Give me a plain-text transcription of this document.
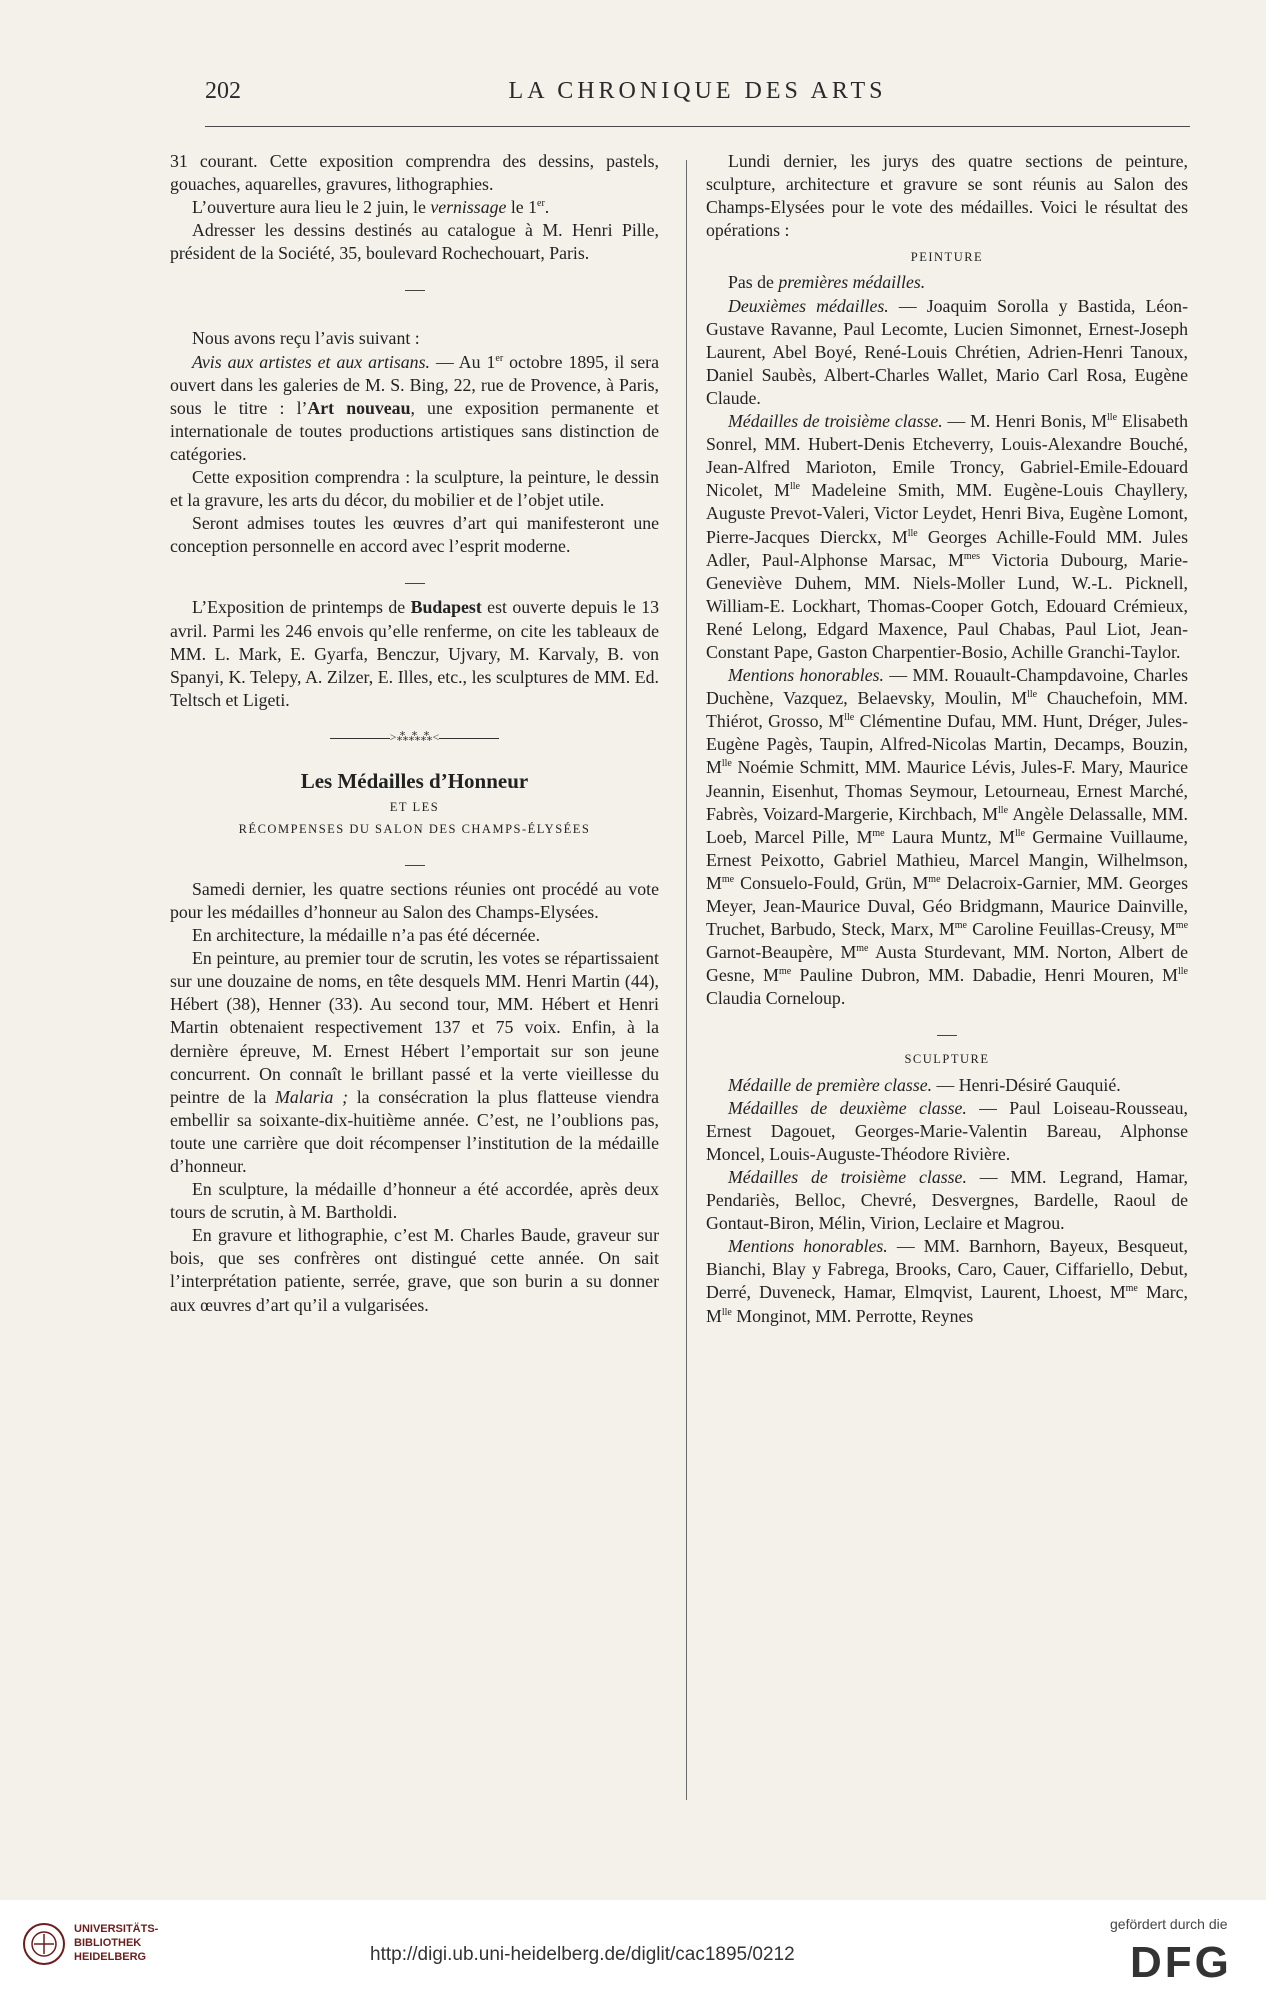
202	LA CHRONIQUE DES ARTS

31 courant. Cette exposition comprendra des dessins, pastels, gouaches, aquarelles, gravures, lithographies.

L’ouverture aura lieu le 2 juin, le vernissage le 1er.

Adresser les dessins destinés au catalogue à M. Henri Pille, président de la Société, 35, boulevard Rochechouart, Paris.

Nous avons reçu l’avis suivant :

Avis aux artistes et aux artisans. — Au 1er octobre 1895, il sera ouvert dans les galeries de M. S. Bing, 22, rue de Provence, à Paris, sous le titre : l’Art nouveau, une exposition permanente et internationale de toutes productions artistiques sans distinction de catégories.

Cette exposition comprendra : la sculpture, la peinture, le dessin et la gravure, les arts du décor, du mobilier et de l’objet utile.

Seront admises toutes les œuvres d’art qui manifesteront une conception personnelle en accord avec l’esprit moderne.

L’Exposition de printemps de Budapest est ouverte depuis le 13 avril. Parmi les 246 envois qu’elle renferme, on cite les tableaux de MM. L. Mark, E. Gyarfa, Benczur, Ujvary, M. Karvaly, B. von Spanyi, K. Telepy, A. Zilzer, E. Illes, etc., les sculptures de MM. Ed. Teltsch et Ligeti.

>⁂⁂⁂<
Les Médailles d’Honneur
ET LES
RÉCOMPENSES DU SALON DES CHAMPS-ÉLYSÉES

Samedi dernier, les quatre sections réunies ont procédé au vote pour les médailles d’honneur au Salon des Champs-Elysées.

En architecture, la médaille n’a pas été décernée.

En peinture, au premier tour de scrutin, les votes se répartissaient sur une douzaine de noms, en tête desquels MM. Henri Martin (44), Hébert (38), Henner (33). Au second tour, MM. Hébert et Henri Martin obtenaient respectivement 137 et 75 voix. Enfin, à la dernière épreuve, M. Ernest Hébert l’emportait sur son jeune concurrent. On connaît le brillant passé et la verte vieillesse du peintre de la Malaria ; la consécration la plus flatteuse viendra embellir sa soixante-dix-huitième année. C’est, ne l’oublions pas, toute une carrière que doit récompenser l’institution de la médaille d’honneur.

En sculpture, la médaille d’honneur a été accordée, après deux tours de scrutin, à M. Bartholdi.

En gravure et lithographie, c’est M. Charles Baude, graveur sur bois, que ses confrères ont distingué cette année. On sait l’interprétation patiente, serrée, grave, que son burin a su donner aux œuvres d’art qu’il a vulgarisées.

Lundi dernier, les jurys des quatre sections de peinture, sculpture, architecture et gravure se sont réunis au Salon des Champs-Elysées pour le vote des médailles. Voici le résultat des opérations :

PEINTURE

Pas de premières médailles.

Deuxièmes médailles. — Joaquim Sorolla y Bastida, Léon-Gustave Ravanne, Paul Lecomte, Lucien Simonnet, Ernest-Joseph Laurent, Abel Boyé, René-Louis Chrétien, Adrien-Henri Tanoux, Daniel Saubès, Albert-Charles Wallet, Mario Carl Rosa, Eugène Claude.

Médailles de troisième classe. — M. Henri Bonis, $M^{lle}$ Elisabeth Sonrel, MM. Hubert-Denis Etcheverry, Louis-Alexandre Bouché, Jean-Alfred Marioton, Emile Troncy, Gabriel-Emile-Edouard Nicolet, $M^{lle}$ Madeleine Smith, MM. Eugène-Louis Chayllery, Auguste Prevot-Valeri, Victor Leydet, Henri Biva, Eugène Lomont, Pierre-Jacques Dierckx, $M^{lle}$ Georges Achille-Fould MM. Jules Adler, Paul-Alphonse Marsac, $M^{mes}$ Victoria Dubourg, Marie-Geneviève Duhem, MM. Niels-Moller Lund, W.-L. Picknell, William-E. Lockhart, Thomas-Cooper Gotch, Edouard Crémieux, René Lelong, Edgard Maxence, Paul Chabas, Paul Liot, Jean-Constant Pape, Gaston Charpentier-Bosio, Achille Granchi-Taylor.

Mentions honorables. — MM. Rouault-Champdavoine, Charles Duchène, Vazquez, Belaevsky, Moulin, $M^{lle}$ Chauchefoin, MM. Thiérot, Grosso, $M^{lle}$ Clémentine Dufau, MM. Hunt, Dréger, Jules-Eugène Pagès, Taupin, Alfred-Nicolas Martin, Decamps, Bouzin, $M^{lle}$ Noémie Schmitt, MM. Maurice Lévis, Jules-F. Mary, Maurice Jeannin, Eisenhut, Thomas Seymour, Letourneau, Ernest Marché, Fabrès, Voizard-Margerie, Kirchbach, $M^{lle}$ Angèle Delassalle, MM. Loeb, Marcel Pille, $M^{me}$ Laura Muntz, $M^{lle}$ Germaine Vuillaume, Ernest Peixotto, Gabriel Mathieu, Marcel Mangin, Wilhelmson, $M^{me}$ Consuelo-Fould, Grün, $M^{me}$ Delacroix-Garnier, MM. Georges Meyer, Jean-Maurice Duval, Géo Bridgmann, Maurice Dainville, Truchet, Barbudo, Steck, Marx, $M^{me}$ Caroline Feuillas-Creusy, $M^{me}$ Garnot-Beaupère, $M^{me}$ Austa Sturdevant, MM. Norton, Albert de Gesne, $M^{me}$ Pauline Dubron, MM. Dabadie, Henri Mouren, $M^{lle}$ Claudia Corneloup.

SCULPTURE

Médaille de première classe. — Henri-Désiré Gauquié.

Médailles de deuxième classe. — Paul Loiseau-Rousseau, Ernest Dagouet, Georges-Marie-Valentin Bareau, Alphonse Moncel, Louis-Auguste-Théodore Rivière.

Médailles de troisième classe. — MM. Legrand, Hamar, Pendariès, Belloc, Chevré, Desvergnes, Bardelle, Raoul de Gontaut-Biron, Mélin, Virion, Leclaire et Magrou.

Mentions honorables. — MM. Barnhorn, Bayeux, Besqueut, Bianchi, Blay y Fabrega, Brooks, Caro, Cauer, Ciffariello, Debut, Derré, Duveneck, Hamar, Elmqvist, Laurent, Lhoest, $M^{me}$ Marc, $M^{lle}$ Monginot, MM. Perrotte, Reynes

UNIVERSITÄTS-
BIBLIOTHEK
HEIDELBERG	http://digi.ub.uni-heidelberg.de/diglit/cac1895/0212
gefördert durch die
DFG
